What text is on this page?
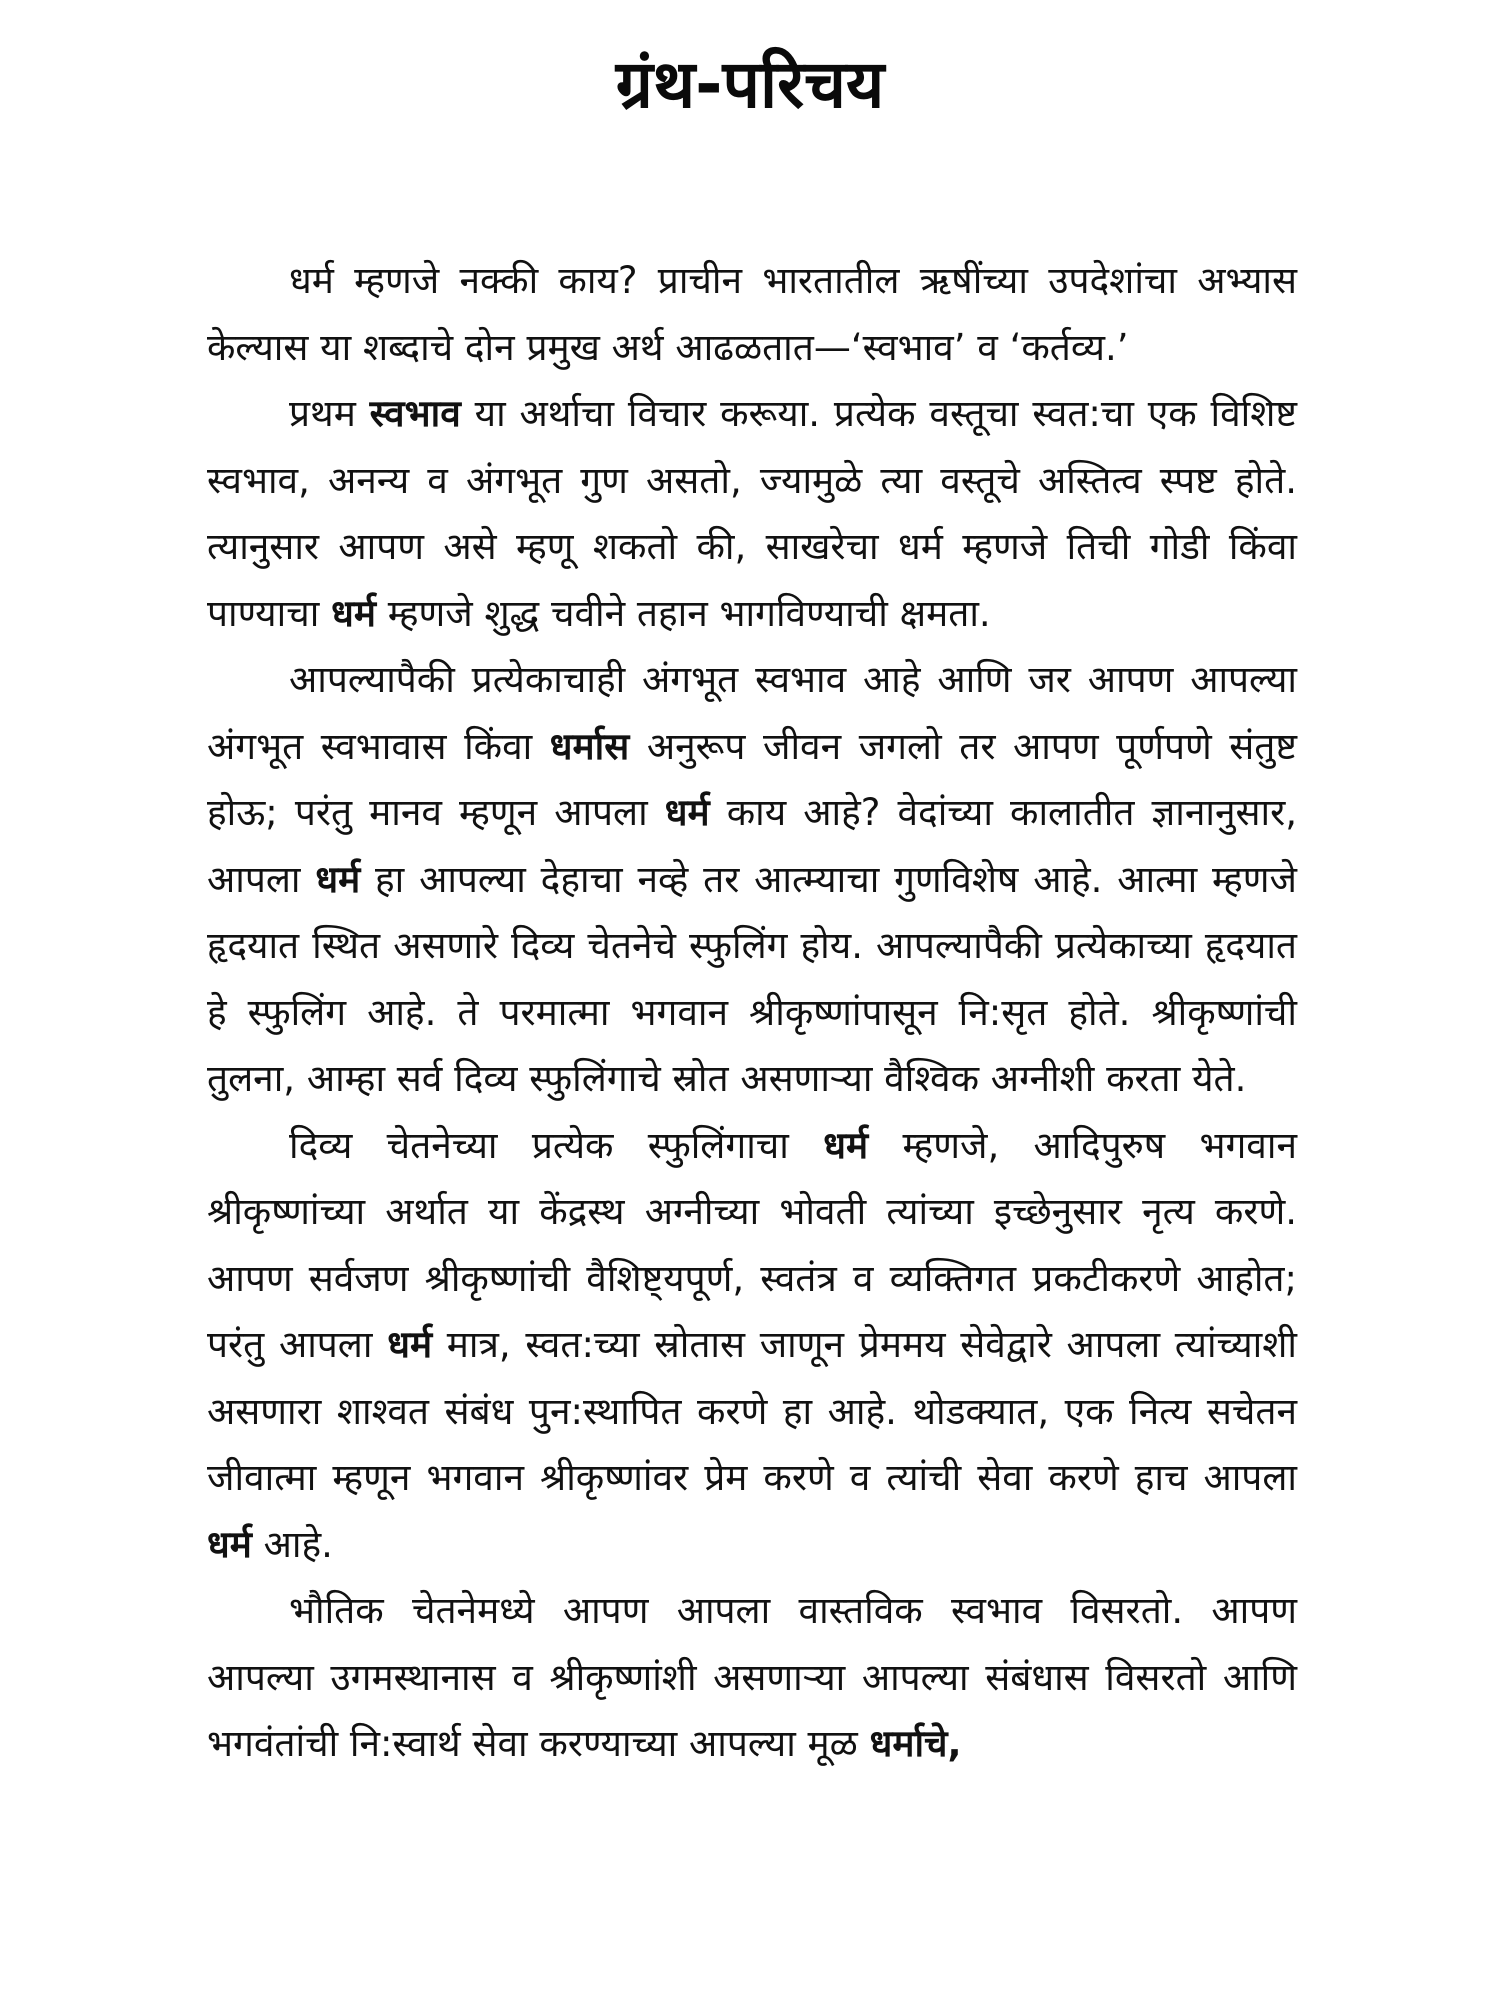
ग्रंथ-परिचय

धर्म म्हणजे नक्की काय? प्राचीन भारतातील ऋषींच्या उपदेशांचा अभ्यास केल्यास या शब्दाचे दोन प्रमुख अर्थ आढळतात—‘स्वभाव’ व ‘कर्तव्य.’

प्रथम स्वभाव या अर्थाचा विचार करूया. प्रत्येक वस्तूचा स्वत:चा एक विशिष्ट स्वभाव, अनन्य व अंगभूत गुण असतो, ज्यामुळे त्या वस्तूचे अस्तित्व स्पष्ट होते. त्यानुसार आपण असे म्हणू शकतो की, साखरेचा धर्म म्हणजे तिची गोडी किंवा पाण्याचा धर्म म्हणजे शुद्ध चवीने तहान भागविण्याची क्षमता.

आपल्यापैकी प्रत्येकाचाही अंगभूत स्वभाव आहे आणि जर आपण आपल्या अंगभूत स्वभावास किंवा धर्मास अनुरूप जीवन जगलो तर आपण पूर्णपणे संतुष्ट होऊ; परंतु मानव म्हणून आपला धर्म काय आहे? वेदांच्या कालातीत ज्ञानानुसार, आपला धर्म हा आपल्या देहाचा नव्हे तर आत्म्याचा गुणविशेष आहे. आत्मा म्हणजे हृदयात स्थित असणारे दिव्य चेतनेचे स्फुलिंग होय. आपल्यापैकी प्रत्येकाच्या हृदयात हे स्फुलिंग आहे. ते परमात्मा भगवान श्रीकृष्णांपासून नि:सृत होते. श्रीकृष्णांची तुलना, आम्हा सर्व दिव्य स्फुलिंगाचे स्रोत असणाऱ्या वैश्विक अग्नीशी करता येते.

दिव्य चेतनेच्या प्रत्येक स्फुलिंगाचा धर्म म्हणजे, आदिपुरुष भगवान श्रीकृष्णांच्या अर्थात या केंद्रस्थ अग्नीच्या भोवती त्यांच्या इच्छेनुसार नृत्य करणे. आपण सर्वजण श्रीकृष्णांची वैशिष्ट्यपूर्ण, स्वतंत्र व व्यक्तिगत प्रकटीकरणे आहोत; परंतु आपला धर्म मात्र, स्वत:च्या स्रोतास जाणून प्रेममय सेवेद्वारे आपला त्यांच्याशी असणारा शाश्वत संबंध पुन:स्थापित करणे हा आहे. थोडक्यात, एक नित्य सचेतन जीवात्मा म्हणून भगवान श्रीकृष्णांवर प्रेम करणे व त्यांची सेवा करणे हाच आपला धर्म आहे.

भौतिक चेतनेमध्ये आपण आपला वास्तविक स्वभाव विसरतो. आपण आपल्या उगमस्थानास व श्रीकृष्णांशी असणाऱ्या आपल्या संबंधास विसरतो आणि भगवंतांची नि:स्वार्थ सेवा करण्याच्या आपल्या मूळ धर्माचे,
